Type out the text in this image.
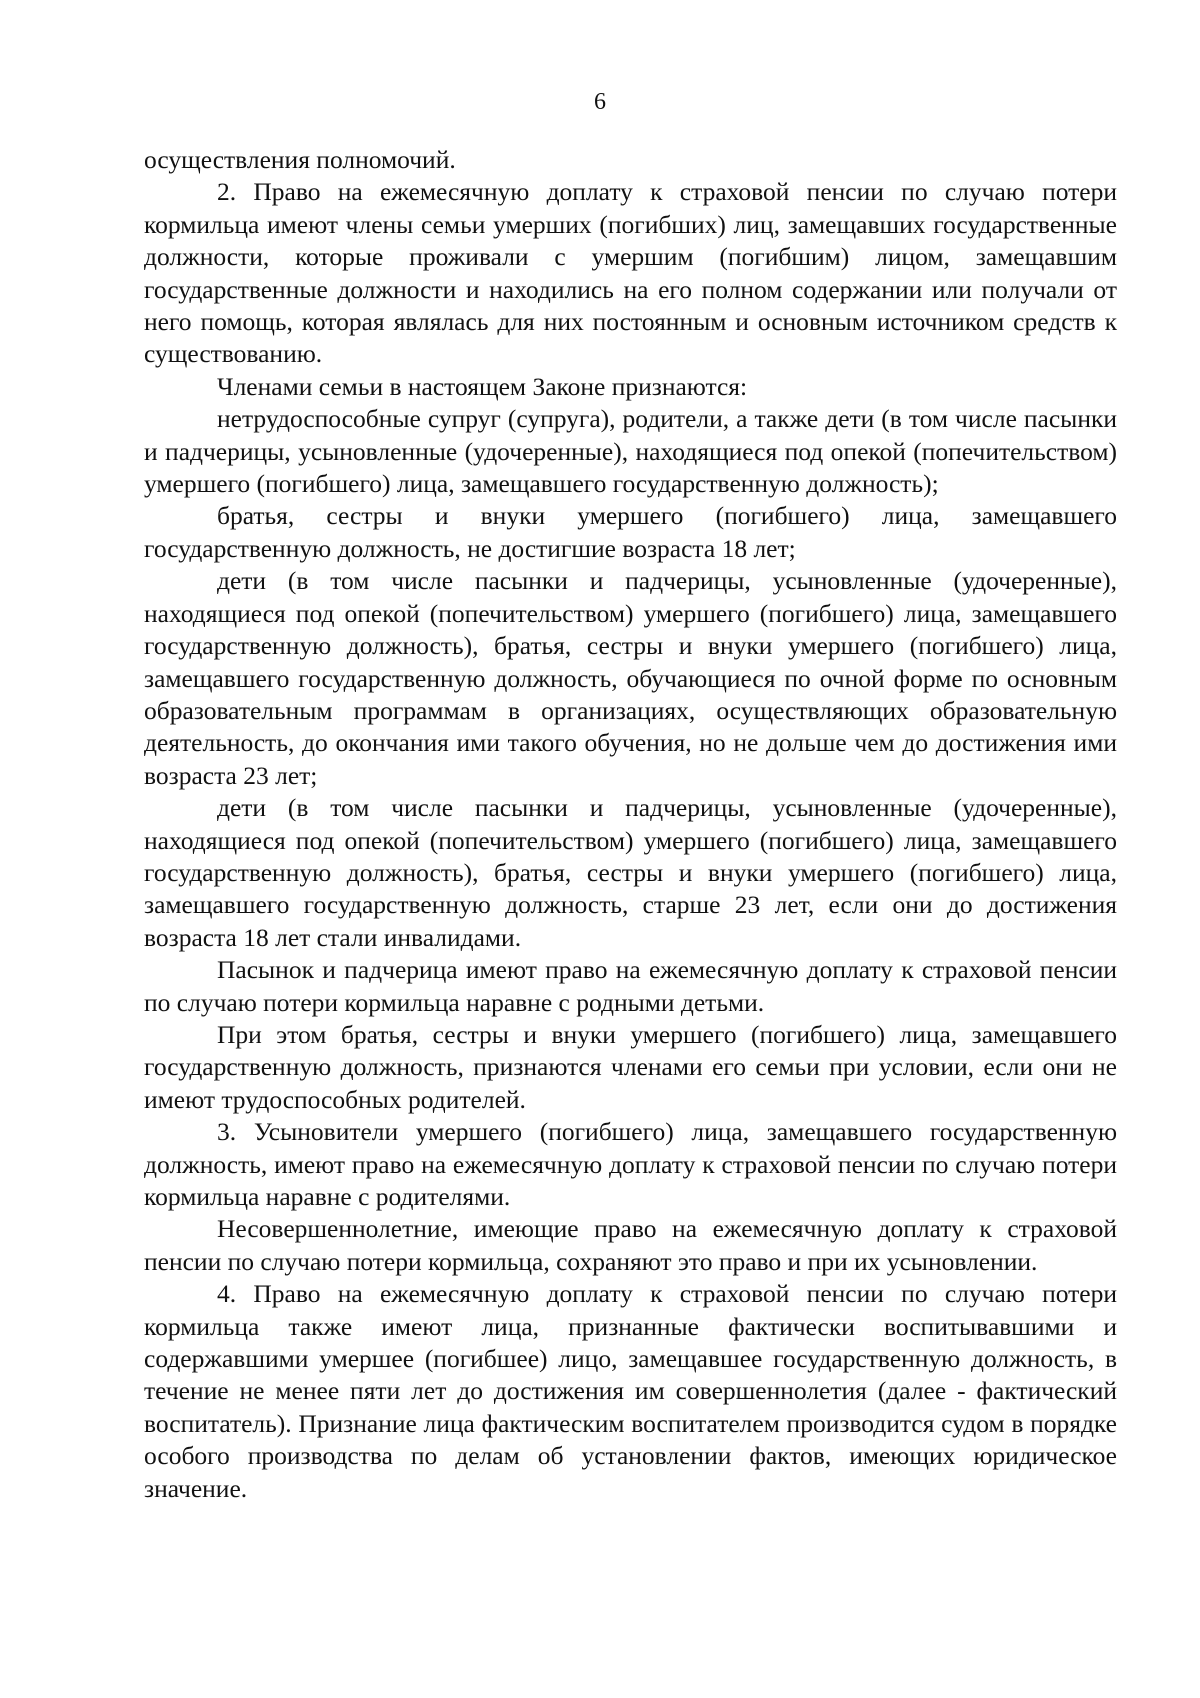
6

осуществления полномочий.

2. Право на ежемесячную доплату к страховой пенсии по случаю потери кормильца имеют члены семьи умерших (погибших) лиц, замещавших государственные должности, которые проживали с умершим (погибшим) лицом, замещавшим государственные должности и находились на его полном содержании или получали от него помощь, которая являлась для них постоянным и основным источником средств к существованию.

Членами семьи в настоящем Законе признаются:

нетрудоспособные супруг (супруга), родители, а также дети (в том числе пасынки и падчерицы, усыновленные (удочеренные), находящиеся под опекой (попечительством) умершего (погибшего) лица, замещавшего государственную должность);

братья, сестры и внуки умершего (погибшего) лица, замещавшего государственную должность, не достигшие возраста 18 лет;

дети (в том числе пасынки и падчерицы, усыновленные (удочеренные), находящиеся под опекой (попечительством) умершего (погибшего) лица, замещавшего государственную должность), братья, сестры и внуки умершего (погибшего) лица, замещавшего государственную должность, обучающиеся по очной форме по основным образовательным программам в организациях, осуществляющих образовательную деятельность, до окончания ими такого обучения, но не дольше чем до достижения ими возраста 23 лет;

дети (в том числе пасынки и падчерицы, усыновленные (удочеренные), находящиеся под опекой (попечительством) умершего (погибшего) лица, замещавшего государственную должность), братья, сестры и внуки умершего (погибшего) лица, замещавшего государственную должность, старше 23 лет, если они до достижения возраста 18 лет стали инвалидами.

Пасынок и падчерица имеют право на ежемесячную доплату к страховой пенсии по случаю потери кормильца наравне с родными детьми.

При этом братья, сестры и внуки умершего (погибшего) лица, замещавшего государственную должность, признаются членами его семьи при условии, если они не имеют трудоспособных родителей.

3. Усыновители умершего (погибшего) лица, замещавшего государственную должность, имеют право на ежемесячную доплату к страховой пенсии по случаю потери кормильца наравне с родителями.

Несовершеннолетние, имеющие право на ежемесячную доплату к страховой пенсии по случаю потери кормильца, сохраняют это право и при их усыновлении.

4. Право на ежемесячную доплату к страховой пенсии по случаю потери кормильца также имеют лица, признанные фактически воспитывавшими и содержавшими умершее (погибшее) лицо, замещавшее государственную должность, в течение не менее пяти лет до достижения им совершеннолетия (далее - фактический воспитатель). Признание лица фактическим воспитателем производится судом в порядке особого производства по делам об установлении фактов, имеющих юридическое значение.
